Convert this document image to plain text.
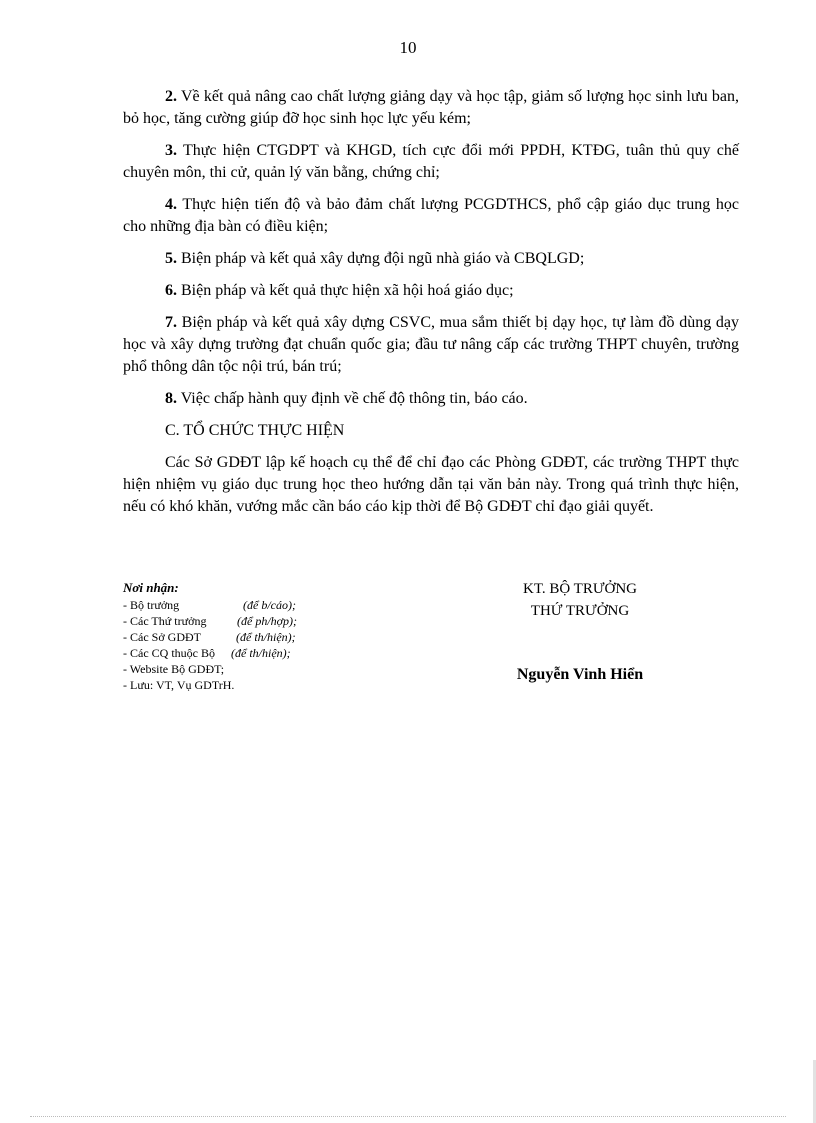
10

2. Về kết quả nâng cao chất lượng giảng dạy và học tập, giảm số lượng học sinh lưu ban, bỏ học, tăng cường giúp đỡ học sinh học lực yếu kém;

3. Thực hiện CTGDPT và KHGD, tích cực đổi mới PPDH, KTĐG, tuân thủ quy chế chuyên môn, thi cử, quản lý văn bằng, chứng chỉ;

4. Thực hiện tiến độ và bảo đảm chất lượng PCGDTHCS, phổ cập giáo dục trung học cho những địa bàn có điều kiện;

5. Biện pháp và kết quả xây dựng đội ngũ nhà giáo và CBQLGD;

6. Biện pháp và kết quả thực hiện xã hội hoá giáo dục;

7. Biện pháp và kết quả xây dựng CSVC, mua sắm thiết bị dạy học, tự làm đồ dùng dạy học và xây dựng trường đạt chuẩn quốc gia; đầu tư nâng cấp các trường THPT chuyên, trường phổ thông dân tộc nội trú, bán trú;

8. Việc chấp hành quy định về chế độ thông tin, báo cáo.

C. TỔ CHỨC THỰC HIỆN

Các Sở GDĐT lập kế hoạch cụ thể để chỉ đạo các Phòng GDĐT, các trường THPT thực hiện nhiệm vụ giáo dục trung học theo hướng dẫn tại văn bản này. Trong quá trình thực hiện, nếu có khó khăn, vướng mắc cần báo cáo kịp thời để Bộ GDĐT chỉ đạo giải quyết.

Nơi nhận:
- Bộ trưởng	(để b/cáo);
- Các Thứ trưởng	(để ph/hợp);
- Các Sở GDĐT	(để th/hiện);
- Các CQ thuộc Bộ (để th/hiện);
- Website Bộ GDĐT;
- Lưu: VT, Vụ GDTrH.
KT. BỘ TRƯỞNG
THỨ TRƯỞNG
Nguyễn Vinh Hiển
